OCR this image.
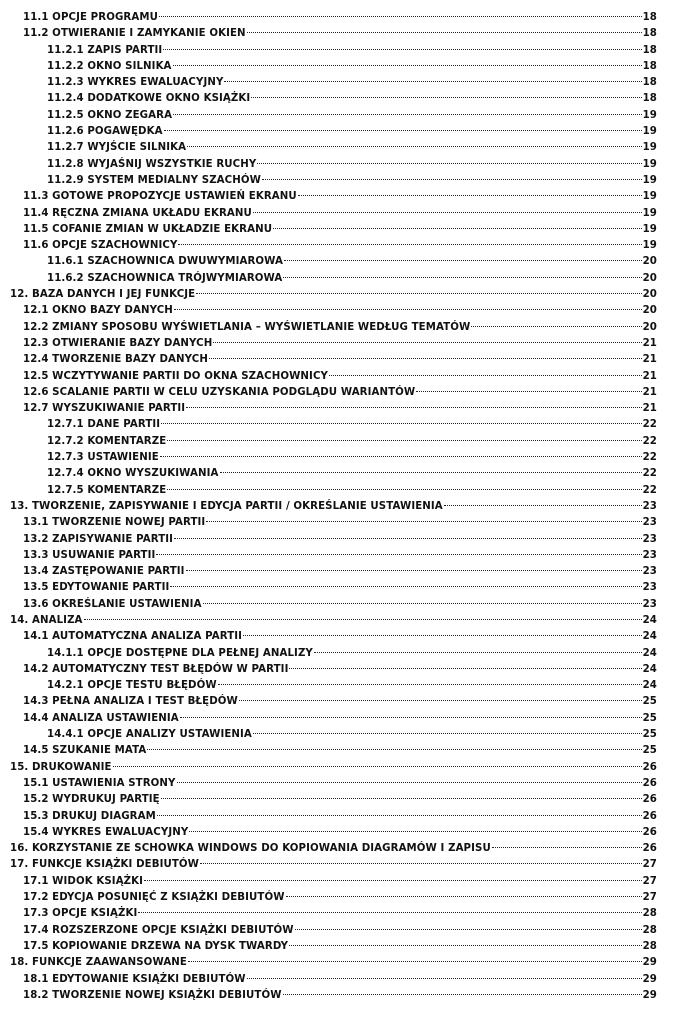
11.1 OPCJE PROGRAMU	18
11.2 OTWIERANIE I ZAMYKANIE OKIEN	18
11.2.1 ZAPIS PARTII	18
11.2.2 OKNO SILNIKA	18
11.2.3 WYKRES EWALUACYJNY	18
11.2.4 DODATKOWE OKNO KSIĄŻKI	18
11.2.5 OKNO ZEGARA	19
11.2.6 POGAWĘDKA	19
11.2.7 WYJŚCIE SILNIKA	19
11.2.8 WYJAŚNIJ WSZYSTKIE RUCHY	19
11.2.9 SYSTEM MEDIALNY SZACHÓW	19
11.3 GOTOWE PROPOZYCJE USTAWIEŃ EKRANU	19
11.4 RĘCZNA ZMIANA UKŁADU EKRANU	19
11.5 COFANIE ZMIAN W UKŁADZIE EKRANU	19
11.6 OPCJE SZACHOWNICY	19
11.6.1 SZACHOWNICA DWUWYMIAROWA	20
11.6.2 SZACHOWNICA TRÓJWYMIAROWA	20
12. BAZA DANYCH I JEJ FUNKCJE	20
12.1 OKNO BAZY DANYCH	20
12.2 ZMIANY SPOSOBU WYŚWIETLANIA – WYŚWIETLANIE WEDŁUG TEMATÓW	20
12.3 OTWIERANIE BAZY DANYCH	21
12.4 TWORZENIE BAZY DANYCH	21
12.5 WCZYTYWANIE PARTII DO OKNA SZACHOWNICY	21
12.6 SCALANIE PARTII W CELU UZYSKANIA PODGLĄDU WARIANTÓW	21
12.7 WYSZUKIWANIE PARTII	21
12.7.1 DANE PARTII	22
12.7.2 KOMENTARZE	22
12.7.3 USTAWIENIE	22
12.7.4 OKNO WYSZUKIWANIA	22
12.7.5 KOMENTARZE	22
13. TWORZENIE, ZAPISYWANIE I EDYCJA PARTII / OKREŚLANIE USTAWIENIA	23
13.1 TWORZENIE NOWEJ PARTII	23
13.2 ZAPISYWANIE PARTII	23
13.3 USUWANIE PARTII	23
13.4 ZASTĘPOWANIE PARTII	23
13.5 EDYTOWANIE PARTII	23
13.6 OKREŚLANIE USTAWIENIA	23
14. ANALIZA	24
14.1 AUTOMATYCZNA ANALIZA PARTII	24
14.1.1 OPCJE DOSTĘPNE DLA PEŁNEJ ANALIZY	24
14.2 AUTOMATYCZNY TEST BŁĘDÓW W PARTII	24
14.2.1 OPCJE TESTU BŁĘDÓW	24
14.3 PEŁNA ANALIZA I TEST BŁĘDÓW	25
14.4 ANALIZA USTAWIENIA	25
14.4.1 OPCJE ANALIZY USTAWIENIA	25
14.5 SZUKANIE MATA	25
15. DRUKOWANIE	26
15.1 USTAWIENIA STRONY	26
15.2 WYDRUKUJ PARTIĘ	26
15.3 DRUKUJ DIAGRAM	26
15.4 WYKRES EWALUACYJNY	26
16. KORZYSTANIE ZE SCHOWKA WINDOWS DO KOPIOWANIA DIAGRAMÓW I ZAPISU	26
17. FUNKCJE KSIĄŻKI DEBIUTÓW	27
17.1 WIDOK KSIĄŻKI	27
17.2 EDYCJA POSUNIĘĆ Z KSIĄŻKI DEBIUTÓW	27
17.3 OPCJE KSIĄŻKI	28
17.4 ROZSZERZONE OPCJE KSIĄŻKI DEBIUTÓW	28
17.5 KOPIOWANIE DRZEWA NA DYSK TWARDY	28
18. FUNKCJE ZAAWANSOWANE	29
18.1 EDYTOWANIE KSIĄŻKI DEBIUTÓW	29
18.2 TWORZENIE NOWEJ KSIĄŻKI DEBIUTÓW	29
